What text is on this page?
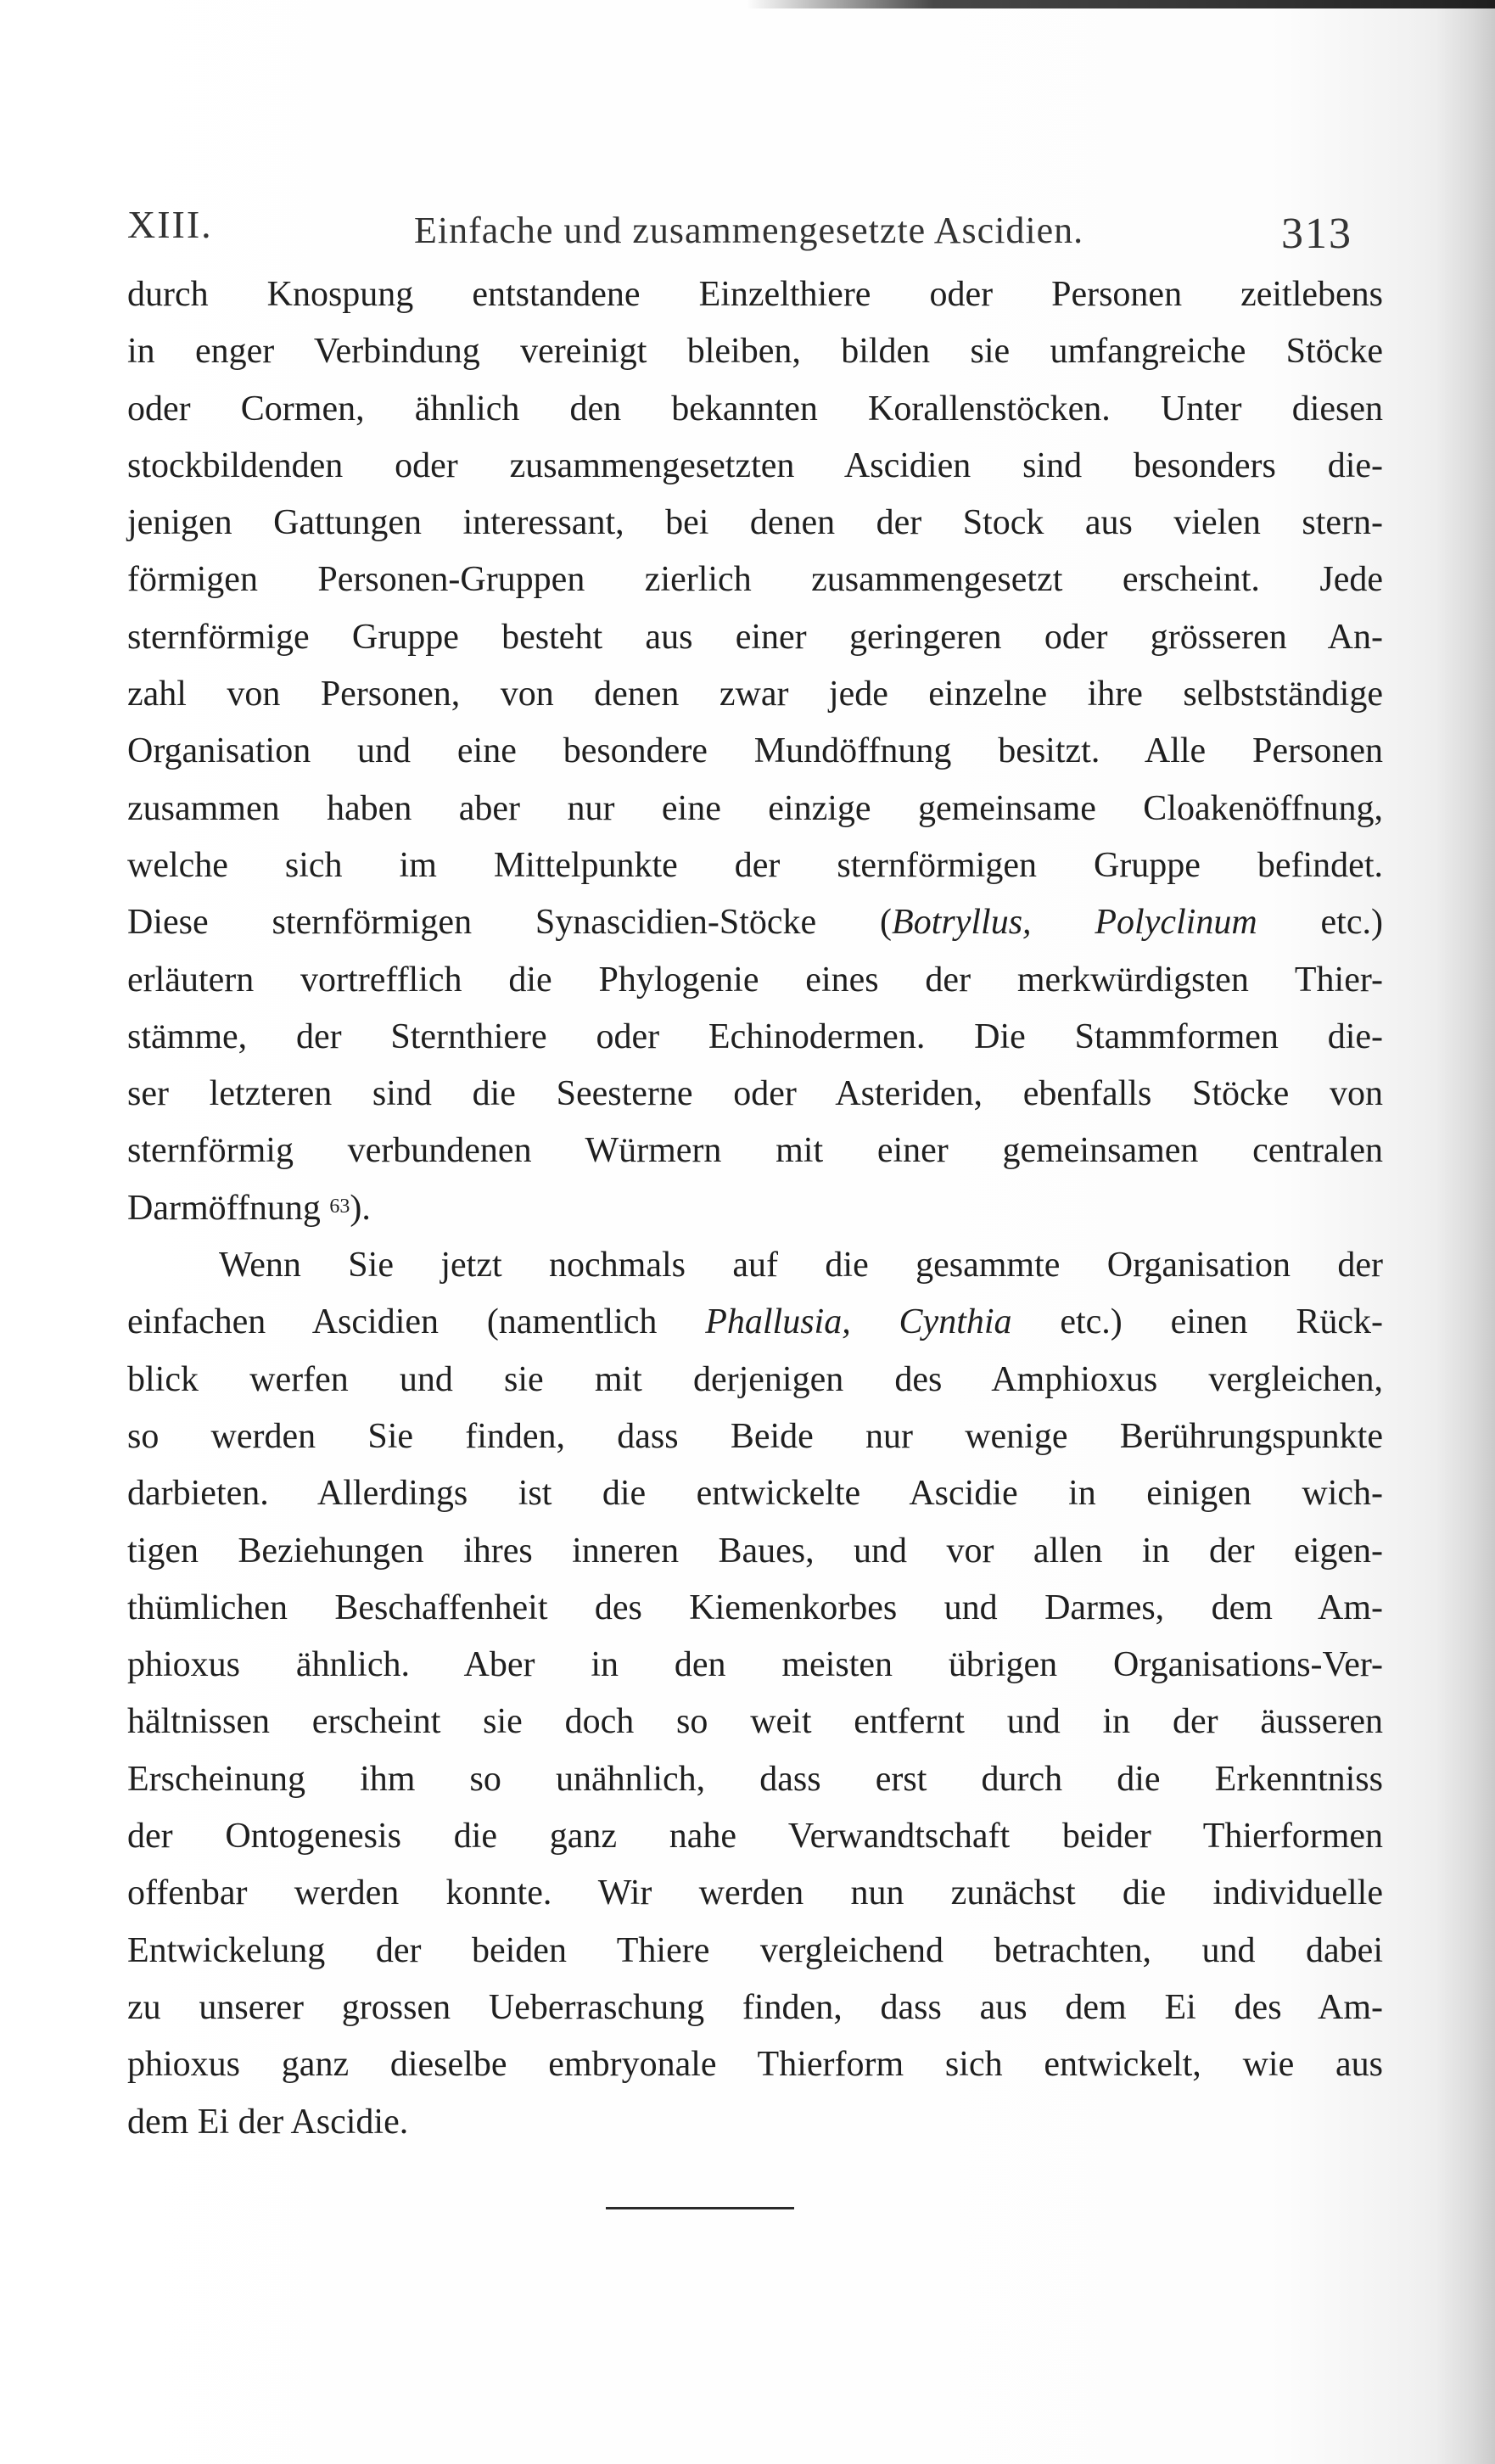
XIII.	Einfache und zusammengesetzte Ascidien.	313
durch Knospung entstandene Einzelthiere oder Personen zeitlebens
in enger Verbindung vereinigt bleiben, bilden sie umfangreiche Stöcke
oder Cormen, ähnlich den bekannten Korallenstöcken. Unter diesen
stockbildenden oder zusammengesetzten Ascidien sind besonders die-
jenigen Gattungen interessant, bei denen der Stock aus vielen stern-
förmigen Personen-Gruppen zierlich zusammengesetzt erscheint. Jede
sternförmige Gruppe besteht aus einer geringeren oder grösseren An-
zahl von Personen, von denen zwar jede einzelne ihre selbstständige
Organisation und eine besondere Mundöffnung besitzt. Alle Personen
zusammen haben aber nur eine einzige gemeinsame Cloakenöffnung,
welche sich im Mittelpunkte der sternförmigen Gruppe befindet.
Diese sternförmigen Synascidien-Stöcke (Botryllus, Polyclinum etc.)
erläutern vortrefflich die Phylogenie eines der merkwürdigsten Thier-
stämme, der Sternthiere oder Echinodermen. Die Stammformen die-
ser letzteren sind die Seesterne oder Asteriden, ebenfalls Stöcke von
sternförmig verbundenen Würmern mit einer gemeinsamen centralen
Darmöffnung $^{63}$).
Wenn Sie jetzt nochmals auf die gesammte Organisation der
einfachen Ascidien (namentlich Phallusia, Cynthia etc.) einen Rück-
blick werfen und sie mit derjenigen des Amphioxus vergleichen,
so werden Sie finden, dass Beide nur wenige Berührungspunkte
darbieten. Allerdings ist die entwickelte Ascidie in einigen wich-
tigen Beziehungen ihres inneren Baues, und vor allen in der eigen-
thümlichen Beschaffenheit des Kiemenkorbes und Darmes, dem Am-
phioxus ähnlich. Aber in den meisten übrigen Organisations-Ver-
hältnissen erscheint sie doch so weit entfernt und in der äusseren
Erscheinung ihm so unähnlich, dass erst durch die Erkenntniss
der Ontogenesis die ganz nahe Verwandtschaft beider Thierformen
offenbar werden konnte. Wir werden nun zunächst die individuelle
Entwickelung der beiden Thiere vergleichend betrachten, und dabei
zu unserer grossen Ueberraschung finden, dass aus dem Ei des Am-
phioxus ganz dieselbe embryonale Thierform sich entwickelt, wie aus
dem Ei der Ascidie.
